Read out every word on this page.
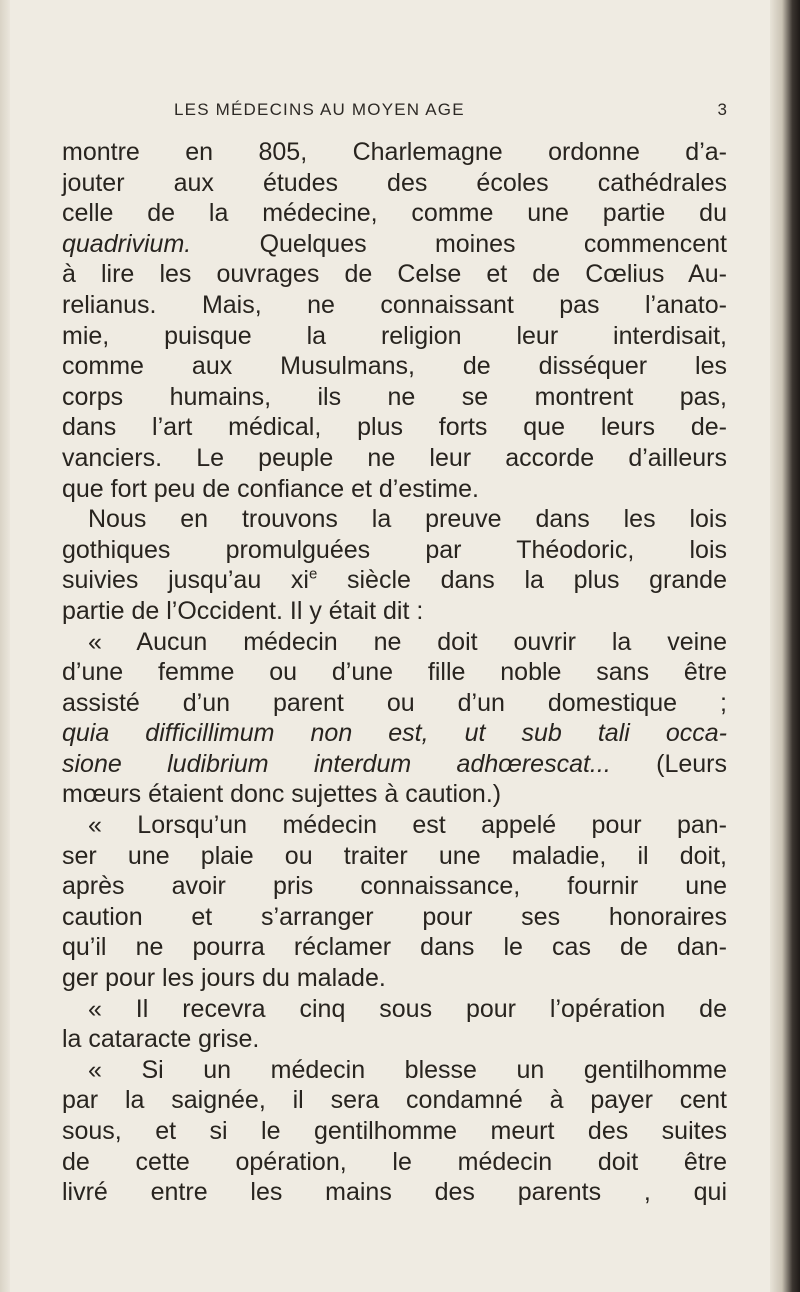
LES MÉDECINS AU MOYEN AGE	3
montre en 805, Charlemagne ordonne d’a-
jouter aux études des écoles cathédrales
celle de la médecine, comme une partie du
quadrivium. Quelques moines commencent
à lire les ouvrages de Celse et de Cœlius Au-
relianus. Mais, ne connaissant pas l’anato-
mie, puisque la religion leur interdisait,
comme aux Musulmans, de disséquer les
corps humains, ils ne se montrent pas,
dans l’art médical, plus forts que leurs de-
vanciers. Le peuple ne leur accorde d’ailleurs
que fort peu de confiance et d’estime.
Nous en trouvons la preuve dans les lois
gothiques promulguées par Théodoric, lois
suivies jusqu’au $xi^e$ siècle dans la plus grande
partie de l’Occident. Il y était dit :
« Aucun médecin ne doit ouvrir la veine
d’une femme ou d’une fille noble sans être
assisté d’un parent ou d’un domestique ;
quia difficillimum non est, ut sub tali occa-
sione ludibrium interdum adhœrescat... (Leurs
mœurs étaient donc sujettes à caution.)
« Lorsqu’un médecin est appelé pour pan-
ser une plaie ou traiter une maladie, il doit,
après avoir pris connaissance, fournir une
caution et s’arranger pour ses honoraires
qu’il ne pourra réclamer dans le cas de dan-
ger pour les jours du malade.
« Il recevra cinq sous pour l’opération de
la cataracte grise.
« Si un médecin blesse un gentilhomme
par la saignée, il sera condamné à payer cent
sous, et si le gentilhomme meurt des suites
de cette opération, le médecin doit être
livré entre les mains des parents , qui
